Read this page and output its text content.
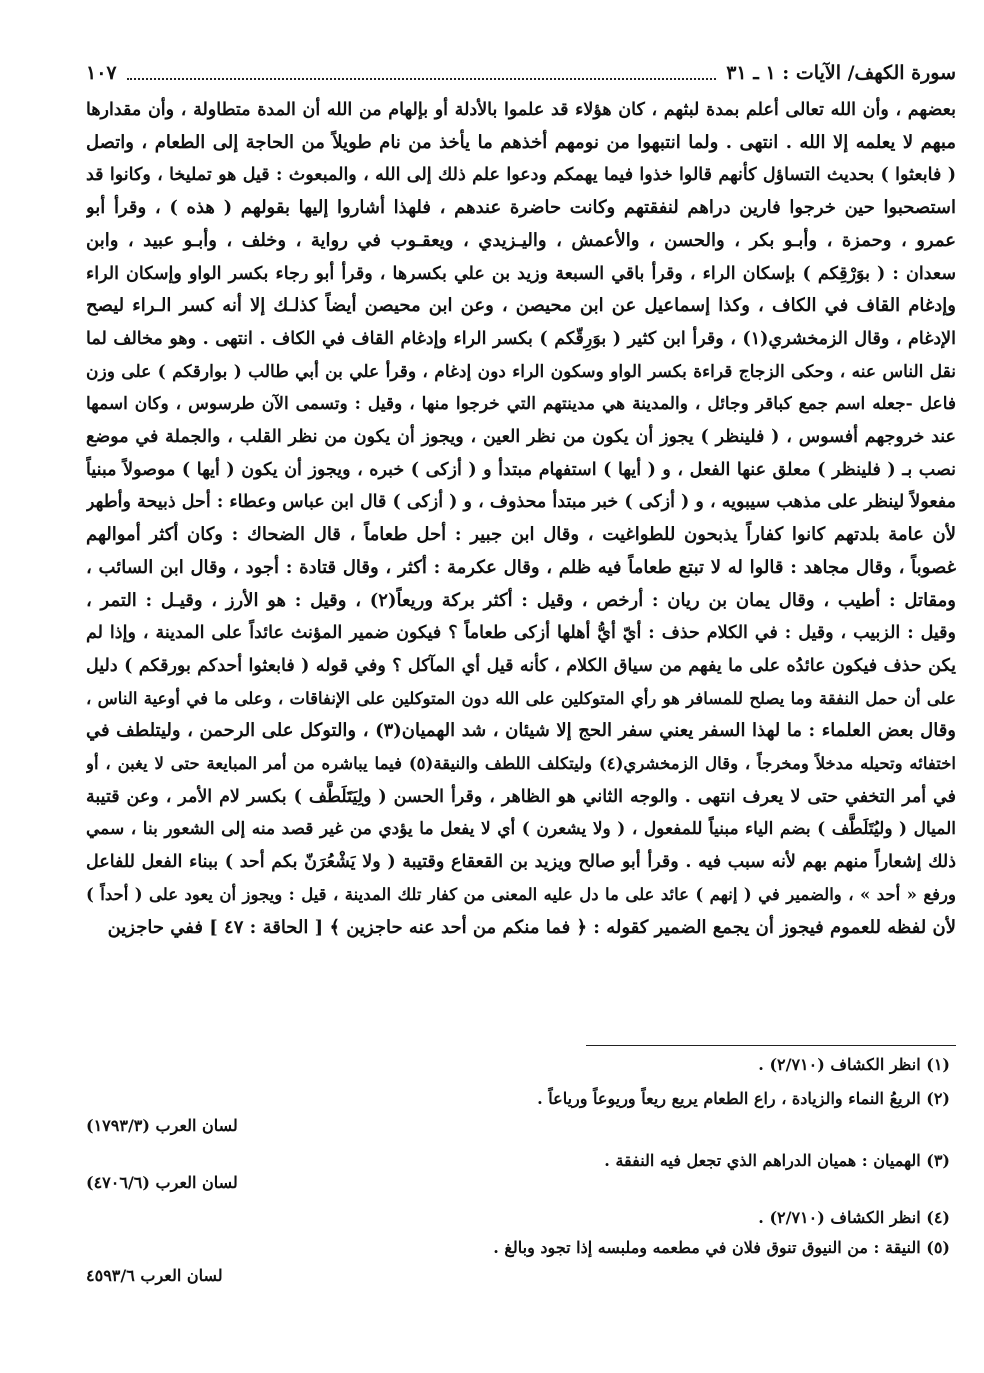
سورة الكهف/ الآيات : ١ ـ ٣١
١٠٧
بعضهم ، وأن الله تعالى أعلم بمدة لبثهم ، كان هؤلاء قد علموا بالأدلة أو بإلهام من الله أن المدة متطاولة ، وأن مقدارها
مبهم لا يعلمه إلا الله . انتهى . ولما انتبهوا من نومهم أخذهم ما يأخذ من نام طويلاً من الحاجة إلى الطعام ، واتصل
( فابعثوا ) بحديث التساؤل كأنهم قالوا خذوا فيما يهمكم ودعوا علم ذلك إلى الله ، والمبعوث : قيل هو تمليخا ، وكانوا قد
استصحبوا حين خرجوا فارين دراهم لنفقتهم وكانت حاضرة عندهم ، فلهذا أشاروا إليها بقولهم ( هذه ) ، وقرأ أبو
عمرو ، وحمزة ، وأبـو بكر ، والحسن ، والأعمش ، واليـزيدي ، ويعقـوب في رواية ، وخلف ، وأبـو عبيد ، وابن
سعدان : ( بوَرْقِكم ) بإسكان الراء ، وقرأ باقي السبعة وزيد بن علي بكسرها ، وقرأ أبو رجاء بكسر الواو وإسكان الراء
وإدغام القاف في الكاف ، وكذا إسماعيل عن ابن محيصن ، وعن ابن محيصن أيضاً كذلـك إلا أنه كسر الـراء ليصح
الإدغام ، وقال الزمخشري(١) ، وقرأ ابن كثير ( بوَرِقّكم ) بكسر الراء وإدغام القاف في الكاف . انتهى . وهو مخالف لما
نقل الناس عنه ، وحكى الزجاج قراءة بكسر الواو وسكون الراء دون إدغام ، وقرأ علي بن أبي طالب ( بوارقكم ) على وزن
فاعل -جعله اسم جمع كباقر وجائل ، والمدينة هي مدينتهم التي خرجوا منها ، وقيل : وتسمى الآن طرسوس ، وكان اسمها
عند خروجهم أفسوس ، ( فلينظر ) يجوز أن يكون من نظر العين ، ويجوز أن يكون من نظر القلب ، والجملة في موضع
نصب بـ ( فلينظر ) معلق عنها الفعل ، و ( أيها ) استفهام مبتدأ و ( أزكى ) خبره ، ويجوز أن يكون ( أيها ) موصولاً مبنياً
مفعولاً لينظر على مذهب سيبويه ، و ( أزكى ) خبر مبتدأ محذوف ، و ( أزكى ) قال ابن عباس وعطاء : أحل ذبيحة وأطهر
لأن عامة بلدتهم كانوا كفاراً يذبحون للطواغيت ، وقال ابن جبير : أحل طعاماً ، قال الضحاك : وكان أكثر أموالهم
غصوباً ، وقال مجاهد : قالوا له لا تبتع طعاماً فيه ظلم ، وقال عكرمة : أكثر ، وقال قتادة : أجود ، وقال ابن السائب ،
ومقاتل : أطيب ، وقال يمان بن ريان : أرخص ، وقيل : أكثر بركة وريعاً(٢) ، وقيل : هو الأرز ، وقيـل : التمر ،
وقيل : الزبيب ، وقيل : في الكلام حذف : أيّ أيُّ أهلها أزكى طعاماً ؟ فيكون ضمير المؤنث عائداً على المدينة ، وإذا لم
يكن حذف فيكون عائدُه على ما يفهم من سياق الكلام ، كأنه قيل أي المآكل ؟ وفي قوله ( فابعثوا أحدكم بورقكم ) دليل
على أن حمل النفقة وما يصلح للمسافر هو رأي المتوكلين على الله دون المتوكلين على الإنفاقات ، وعلى ما في أوعية الناس ،
وقال بعض العلماء : ما لهذا السفر يعني سفر الحج إلا شيئان ، شد الهميان(٣) ، والتوكل على الرحمن ، وليتلطف في
اختفائه وتحيله مدخلاً ومخرجاً ، وقال الزمخشري(٤) وليتكلف اللطف والنيقة(٥) فيما يباشره من أمر المبايعة حتى لا يغبن ، أو
في أمر التخفي حتى لا يعرف انتهى . والوجه الثاني هو الظاهر ، وقرأ الحسن ( ولِيَتَلَطَّف ) بكسر لام الأمر ، وعن قتيبة
الميال ( وليُتَلَطَّف ) بضم الياء مبنياً للمفعول ، ( ولا يشعرن ) أي لا يفعل ما يؤدي من غير قصد منه إلى الشعور بنا ، سمي
ذلك إشعاراً منهم بهم لأنه سبب فيه . وقرأ أبو صالح ويزيد بن القعقاع وقتيبة ( ولا يَشْعُرَنّ بكم أحد ) ببناء الفعل للفاعل
ورفع « أحد » ، والضمير في ( إنهم ) عائد على ما دل عليه المعنى من كفار تلك المدينة ، قيل : ويجوز أن يعود على ( أحداً )
لأن لفظه للعموم فيجوز أن يجمع الضمير كقوله : ﴿ فما منكم من أحد عنه حاجزين ﴾ [ الحاقة : ٤٧ ] ففي حاجزين
(١) انظر الكشاف (٢/٧١٠) .
(٢) الريعُ النماء والزيادة ، راع الطعام يريع ريعاً وريوعاً ورياعاً .
لسان العرب (١٧٩٣/٣)
(٣) الهميان : هميان الدراهم الذي تجعل فيه النفقة .
لسان العرب (٤٧٠٦/٦)
(٤) انظر الكشاف (٢/٧١٠) .
(٥) النيقة : من النيوق تنوق فلان في مطعمه وملبسه إذا تجود وبالغ .
لسان العرب ٤٥٩٣/٦
